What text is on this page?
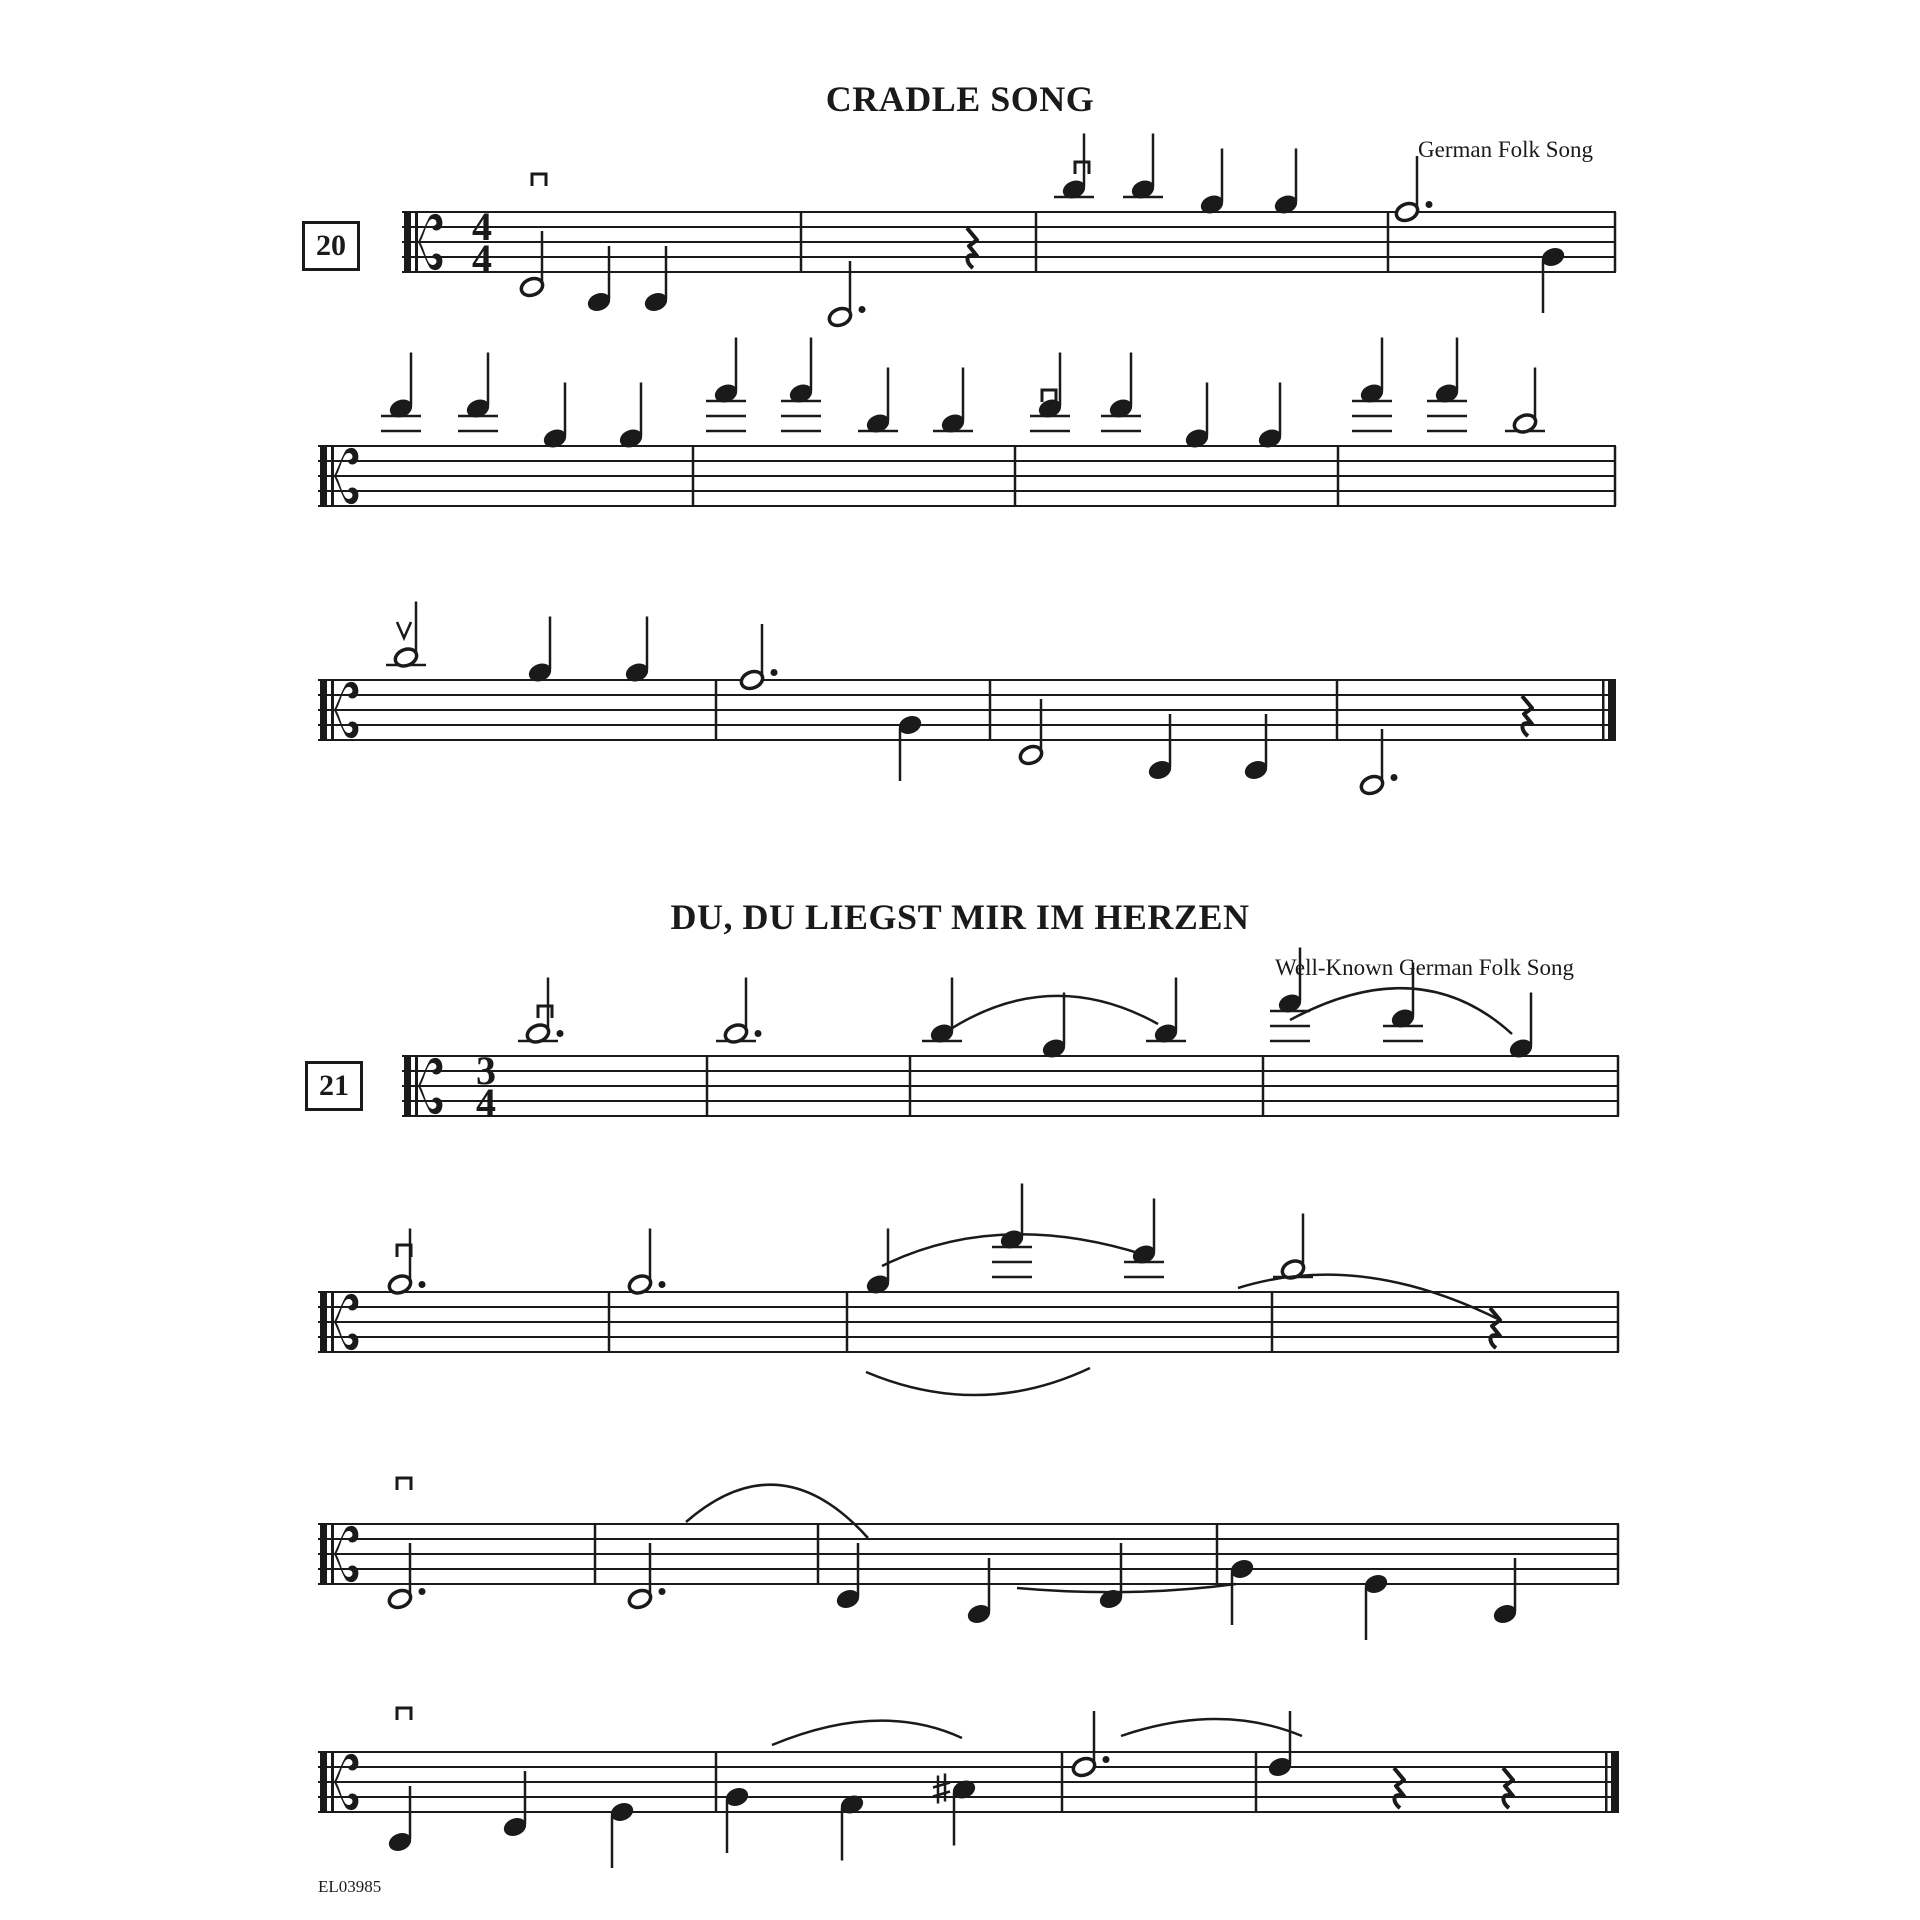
CRADLE SONG
German Folk Song
20
DU, DU LIEGST MIR IM HERZEN
Well-Known German Folk Song
21
4
4
3
4
EL03985
